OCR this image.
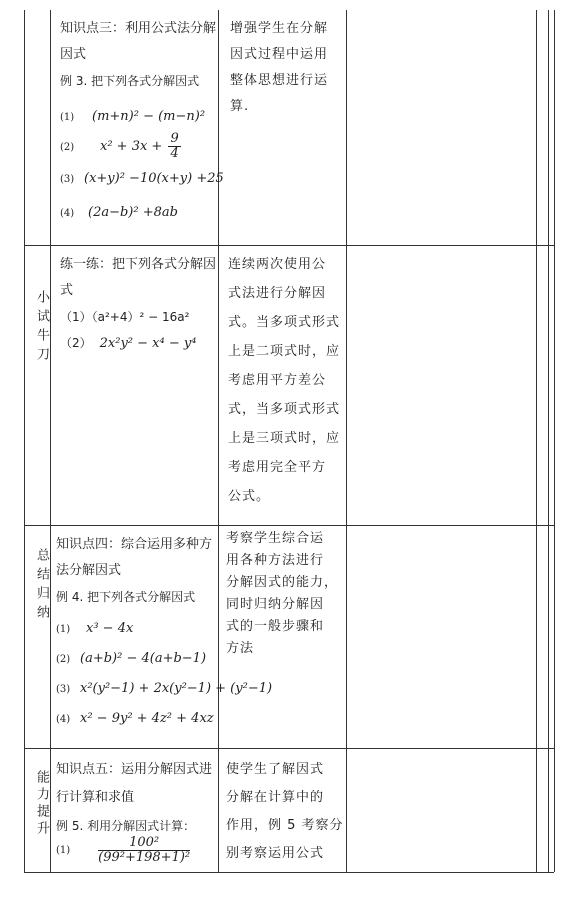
知识点三：利用公式法分解
因式
例 3. 把下列各式分解因式
(1) (m+n)² − (m−n)²
(2) $x^2 + 3x + \frac{9}{4}$
(3) (x+y)² −10(x+y) +25
(4) (2a−b)² +8ab
增强学生在分解
因式过程中运用
整体思想进行运
算.
小试牛刀
练一练：把下列各式分解因
式
（1）（a²+4）² − 16a²
（2） 2x²y² − x⁴ − y⁴
连续两次使用公
式法进行分解因
式。当多项式形式
上是二项式时，应
考虑用平方差公
式，当多项式形式
上是三项式时，应
考虑用完全平方
公式。
总结归纳
知识点四：综合运用多种方
法分解因式
例 4. 把下列各式分解因式
(1) x³ − 4x
(2) (a+b)² − 4(a+b−1)
(3) x²(y²−1) + 2x(y²−1) + (y²−1)
(4) x² − 9y² + 4z² + 4xz
考察学生综合运
用各种方法进行
分解因式的能力，
同时归纳分解因
式的一般步骤和
方法
能力提升
知识点五：运用分解因式进
行计算和求值
例 5. 利用分解因式计算：
$(1) \frac{\text{100²}}{\text{(99²+198+1)²}}$
使学生了解因式
分解在计算中的
作用，例 5 考察分
别考察运用公式
